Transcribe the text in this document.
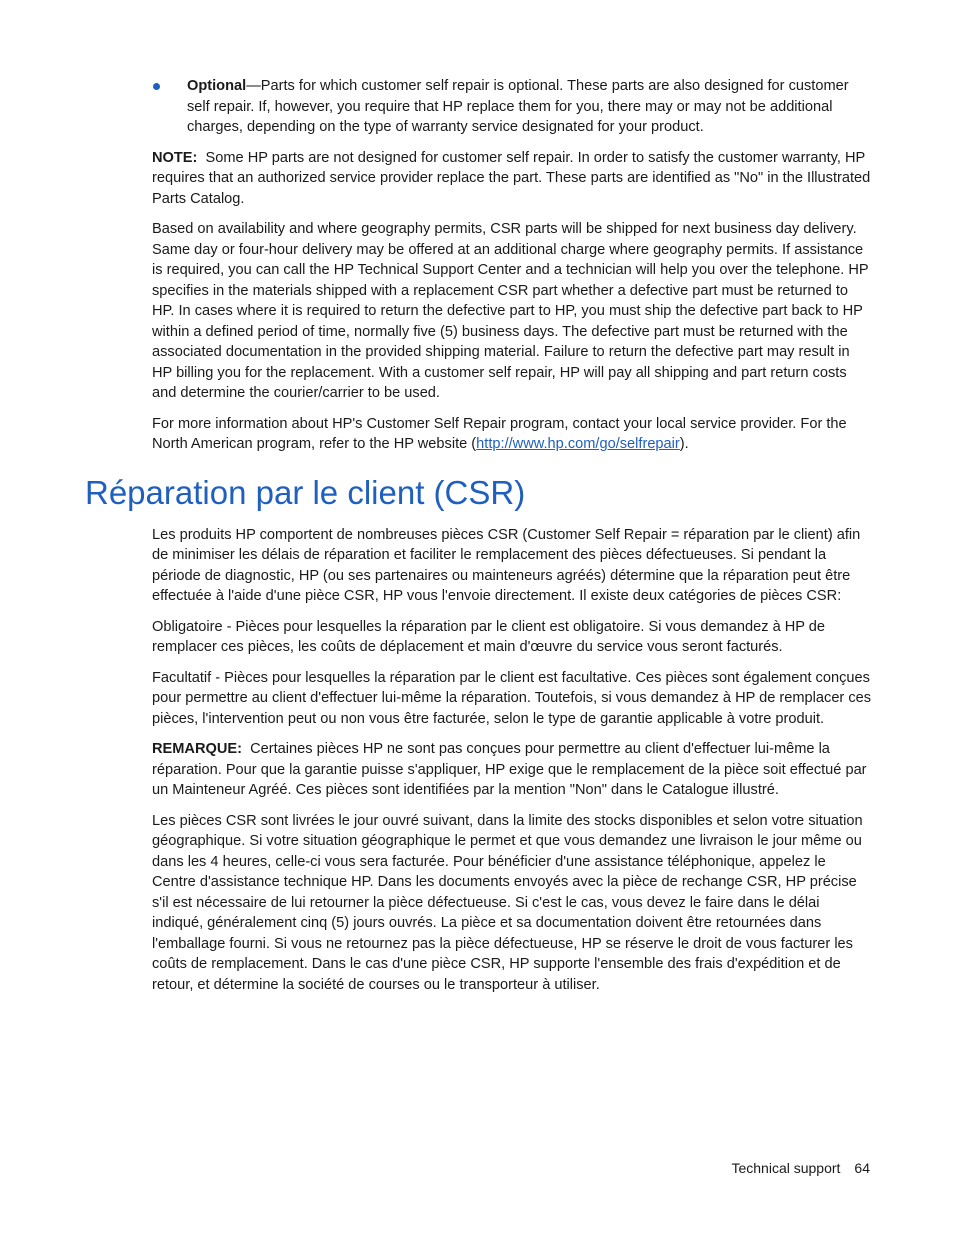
Optional—Parts for which customer self repair is optional. These parts are also designed for customer self repair. If, however, you require that HP replace them for you, there may or may not be additional charges, depending on the type of warranty service designated for your product.

NOTE: Some HP parts are not designed for customer self repair. In order to satisfy the customer warranty, HP requires that an authorized service provider replace the part. These parts are identified as "No" in the Illustrated Parts Catalog.

Based on availability and where geography permits, CSR parts will be shipped for next business day delivery. Same day or four-hour delivery may be offered at an additional charge where geography permits. If assistance is required, you can call the HP Technical Support Center and a technician will help you over the telephone. HP specifies in the materials shipped with a replacement CSR part whether a defective part must be returned to HP. In cases where it is required to return the defective part to HP, you must ship the defective part back to HP within a defined period of time, normally five (5) business days. The defective part must be returned with the associated documentation in the provided shipping material. Failure to return the defective part may result in HP billing you for the replacement. With a customer self repair, HP will pay all shipping and part return costs and determine the courier/carrier to be used.

For more information about HP's Customer Self Repair program, contact your local service provider. For the North American program, refer to the HP website (http://www.hp.com/go/selfrepair).

Réparation par le client (CSR)

Les produits HP comportent de nombreuses pièces CSR (Customer Self Repair = réparation par le client) afin de minimiser les délais de réparation et faciliter le remplacement des pièces défectueuses. Si pendant la période de diagnostic, HP (ou ses partenaires ou mainteneurs agréés) détermine que la réparation peut être effectuée à l'aide d'une pièce CSR, HP vous l'envoie directement. Il existe deux catégories de pièces CSR:

Obligatoire - Pièces pour lesquelles la réparation par le client est obligatoire. Si vous demandez à HP de remplacer ces pièces, les coûts de déplacement et main d'œuvre du service vous seront facturés.

Facultatif - Pièces pour lesquelles la réparation par le client est facultative. Ces pièces sont également conçues pour permettre au client d'effectuer lui-même la réparation. Toutefois, si vous demandez à HP de remplacer ces pièces, l'intervention peut ou non vous être facturée, selon le type de garantie applicable à votre produit.

REMARQUE: Certaines pièces HP ne sont pas conçues pour permettre au client d'effectuer lui-même la réparation. Pour que la garantie puisse s'appliquer, HP exige que le remplacement de la pièce soit effectué par un Mainteneur Agréé. Ces pièces sont identifiées par la mention "Non" dans le Catalogue illustré.

Les pièces CSR sont livrées le jour ouvré suivant, dans la limite des stocks disponibles et selon votre situation géographique. Si votre situation géographique le permet et que vous demandez une livraison le jour même ou dans les 4 heures, celle-ci vous sera facturée. Pour bénéficier d'une assistance téléphonique, appelez le Centre d'assistance technique HP. Dans les documents envoyés avec la pièce de rechange CSR, HP précise s'il est nécessaire de lui retourner la pièce défectueuse. Si c'est le cas, vous devez le faire dans le délai indiqué, généralement cinq (5) jours ouvrés. La pièce et sa documentation doivent être retournées dans l'emballage fourni. Si vous ne retournez pas la pièce défectueuse, HP se réserve le droit de vous facturer les coûts de remplacement. Dans le cas d'une pièce CSR, HP supporte l'ensemble des frais d'expédition et de retour, et détermine la société de courses ou le transporteur à utiliser.

Technical support 64
